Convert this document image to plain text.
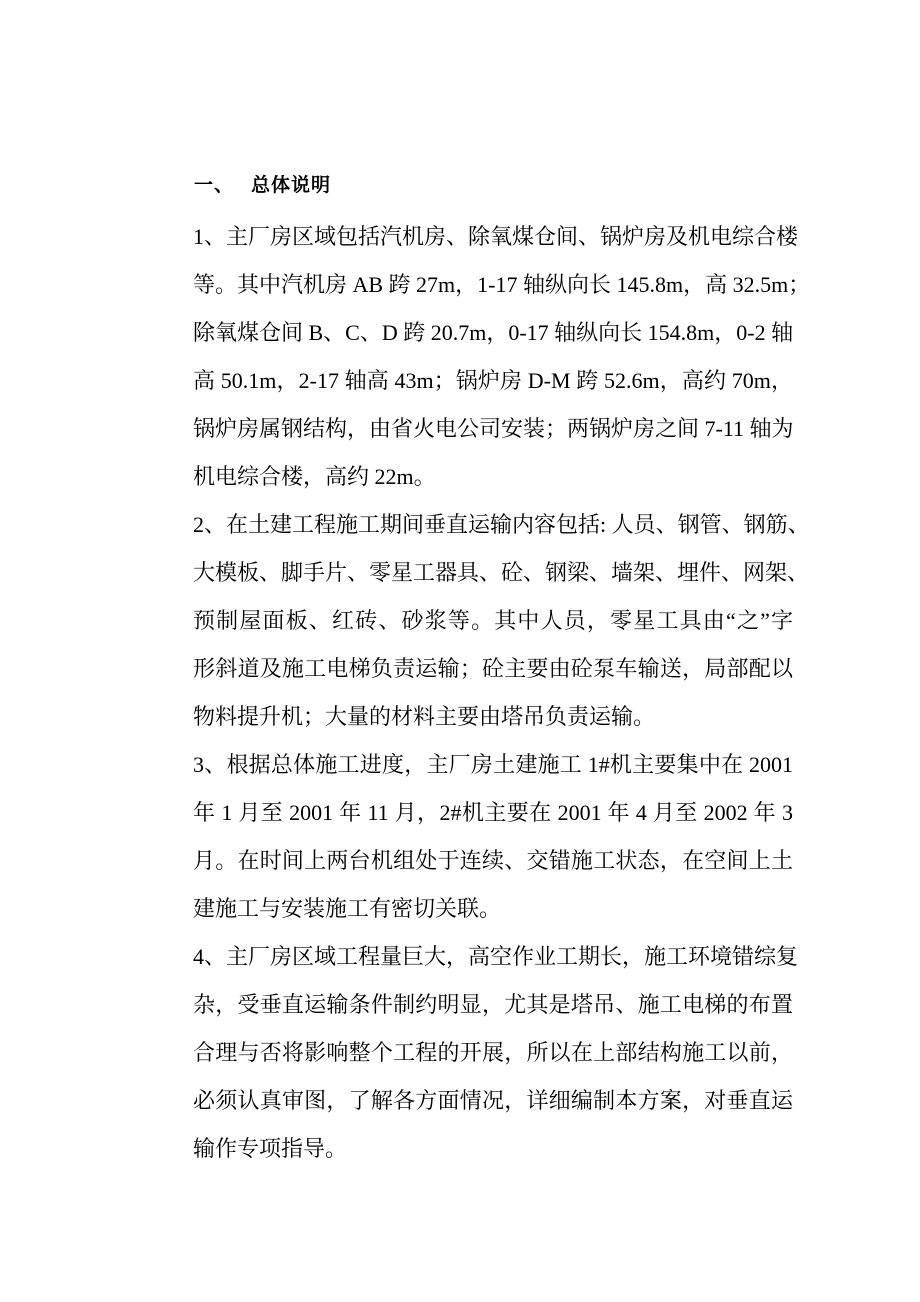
一、 总体说明
1、主厂房区域包括汽机房、除氧煤仓间、锅炉房及机电综合楼
等。其中汽机房 AB 跨 27m，1-17 轴纵向长 145.8m，高 32.5m；
除氧煤仓间 B、C、D 跨 20.7m，0-17 轴纵向长 154.8m，0-2 轴
高 50.1m，2-17 轴高 43m；锅炉房 D-M 跨 52.6m，高约 70m，
锅炉房属钢结构，由省火电公司安装；两锅炉房之间 7-11 轴为
机电综合楼，高约 22m。
2、在土建工程施工期间垂直运输内容包括: 人员、钢管、钢筋、
大模板、脚手片、零星工器具、砼、钢梁、墙架、埋件、网架、
预制屋面板、红砖、砂浆等。其中人员，零星工具由“之”字
形斜道及施工电梯负责运输；砼主要由砼泵车输送，局部配以
物料提升机；大量的材料主要由塔吊负责运输。
3、根据总体施工进度，主厂房土建施工 1#机主要集中在 2001
年 1 月至 2001 年 11 月，2#机主要在 2001 年 4 月至 2002 年 3
月。在时间上两台机组处于连续、交错施工状态，在空间上土
建施工与安装施工有密切关联。
4、主厂房区域工程量巨大，高空作业工期长，施工环境错综复
杂，受垂直运输条件制约明显，尤其是塔吊、施工电梯的布置
合理与否将影响整个工程的开展，所以在上部结构施工以前，
必须认真审图，了解各方面情况，详细编制本方案，对垂直运
输作专项指导。
